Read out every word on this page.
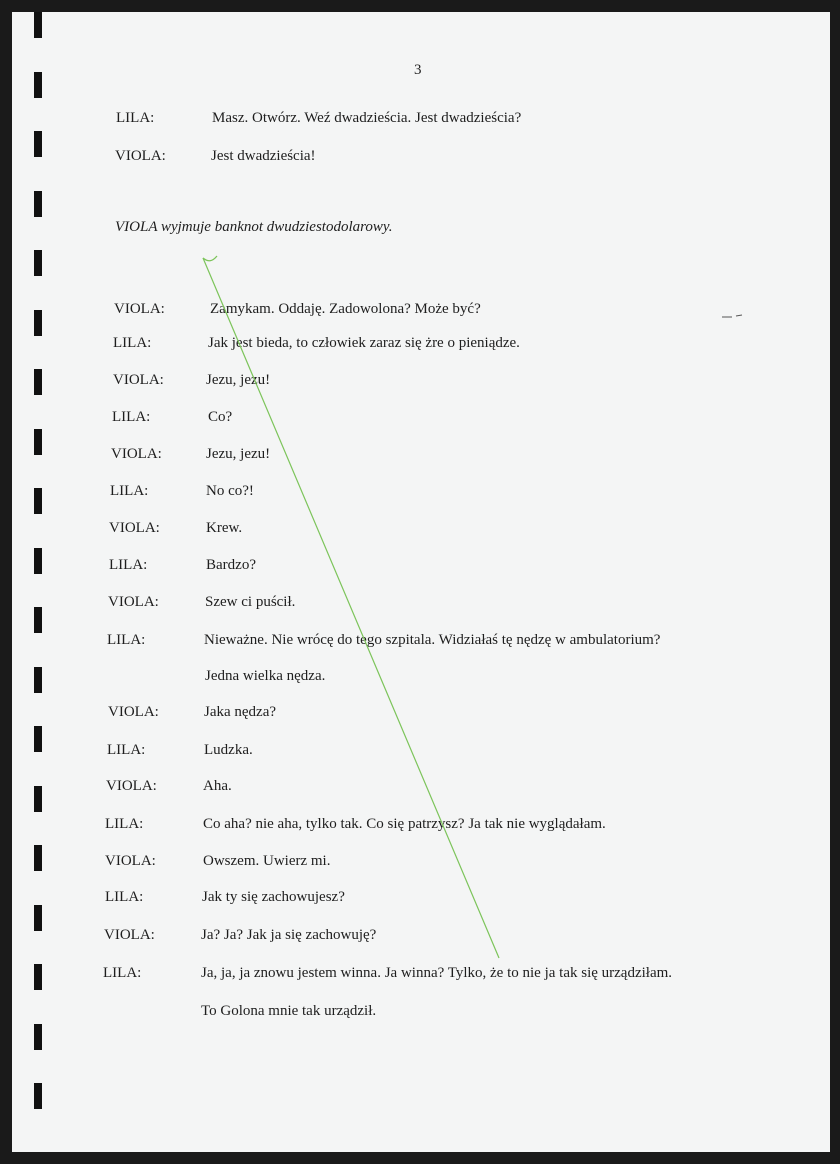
3
VIOLA wyjmuje banknot dwudziestodolarowy.
LILA:	Masz. Otwórz. Weź dwadzieścia. Jest dwadzieścia?
VIOLA:	Jest dwadzieścia!
VIOLA:	Zamykam. Oddaję. Zadowolona? Może być?
LILA:	Jak jest bieda, to człowiek zaraz się żre o pieniądze.
VIOLA:	Jezu, jezu!
LILA:	Co?
VIOLA:	Jezu, jezu!
LILA:	No co?!
VIOLA:	Krew.
LILA:	Bardzo?
VIOLA:	Szew ci puścił.
LILA:	Nieważne. Nie wrócę do tego szpitala. Widziałaś tę nędzę w ambulatorium?
Jedna wielka nędza.
VIOLA:	Jaka nędza?
LILA:	Ludzka.
VIOLA:	Aha.
LILA:	Co aha? nie aha, tylko tak. Co się patrzysz? Ja tak nie wyglądałam.
VIOLA:	Owszem. Uwierz mi.
LILA:	Jak ty się zachowujesz?
VIOLA:	Ja? Ja? Jak ja się zachowuję?
LILA:	Ja, ja, ja znowu jestem winna. Ja winna? Tylko, że to nie ja tak się urządziłam.
To Golona mnie tak urządził.
